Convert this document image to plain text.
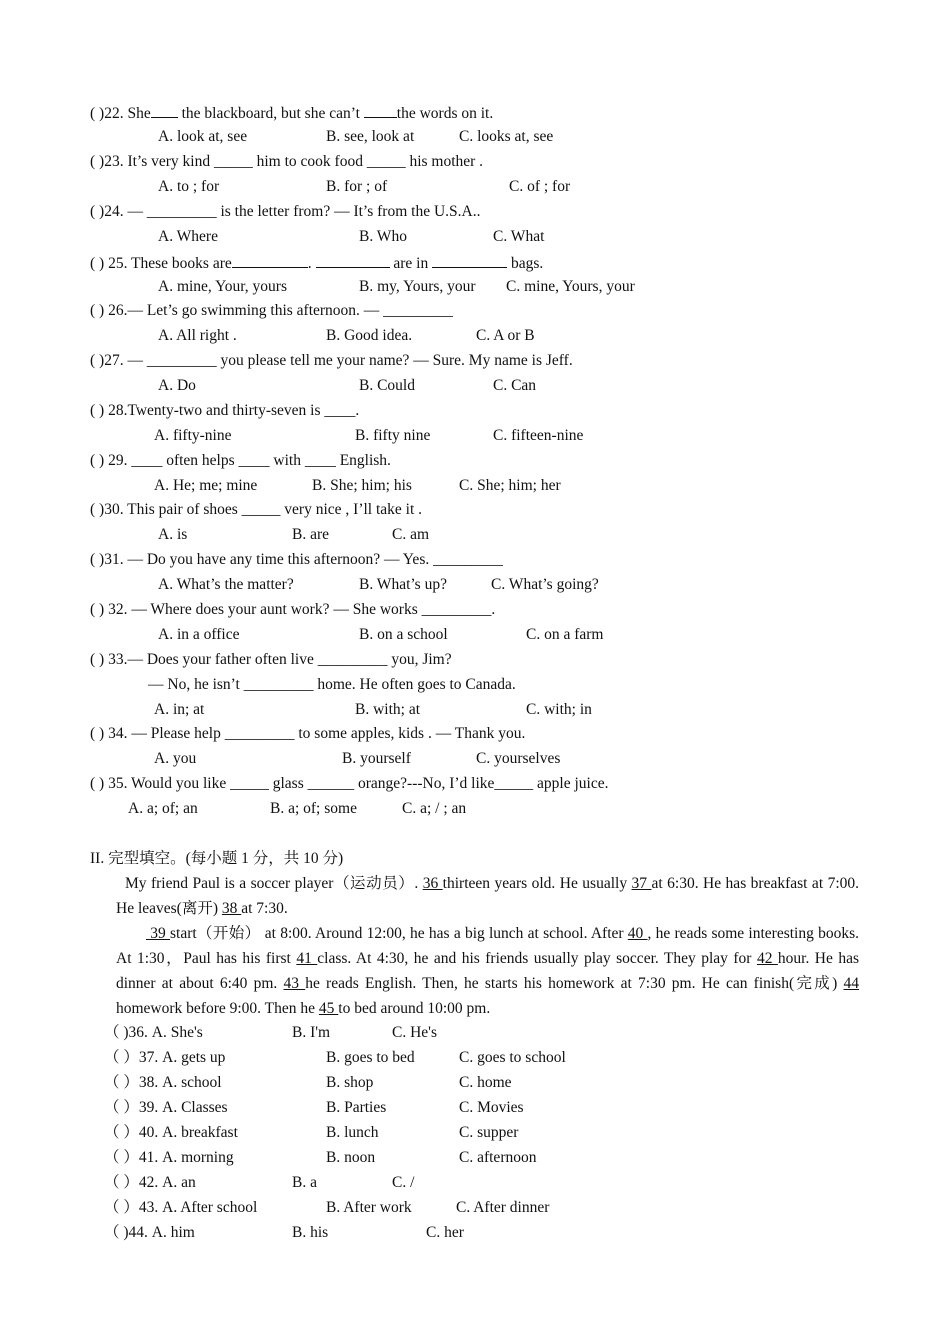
( )22. She the blackboard, but she can’t the words on it.
A. look at, see	B. see, look at	C. looks at, see
( )23. It’s very kind _____ him to cook food _____ his mother .
A. to ; for	B. for ; of	C. of ; for
( )24. — _________ is the letter from? — It’s from the U.S.A..
A. Where	B. Who	C. What
( ) 25. These books are	.	are in	bags.
A. mine, Your, yours	B. my, Yours, your C. mine, Yours, your
( ) 26.— Let’s go swimming this afternoon. — _________
A. All right .	B. Good idea.	C. A or B
( )27. — _________ you please tell me your name? — Sure. My name is Jeff.
A. Do	B. Could	C. Can
( ) 28.Twenty-two and thirty-seven is ____.
A. fifty-nine	B. fifty nine	C. fifteen-nine
( ) 29. ____ often helps ____ with ____ English.
A. He; me; mine	B. She; him; his	C. She; him; her
( )30. This pair of shoes _____ very nice , I’ll take it .
A. is	B. are	C. am
( )31. — Do you have any time this afternoon? — Yes. _________
A. What’s the matter?	B. What’s up?	C. What’s going?
( ) 32. — Where does your aunt work? — She works _________.
A. in a office	B. on a school	C. on a farm
( ) 33.— Does your father often live _________ you, Jim?
— No, he isn’t _________ home. He often goes to Canada.
A. in; at	B. with; at	C. with; in
( ) 34. — Please help _________ to some apples, kids . — Thank you.
A. you	B. yourself	C. yourselves
( ) 35. Would you like _____ glass ______ orange?---No, I’d like_____ apple juice.
A. a; of; an	B. a; of; some	C. a; / ; an
II. 完型填空。(每小题 1 分，共 10 分)
My friend Paul is a soccer player（运动员）. 36 thirteen years old. He usually 37 at 6:30. He has breakfast at 7:00. He leaves(离开) 38 at 7:30.
39 start（开始） at 8:00. Around 12:00, he has a big lunch at school. After 40 , he reads some interesting books. At 1:30，Paul has his first 41 class. At 4:30, he and his friends usually play soccer. They play for 42 hour. He has dinner at about 6:40 pm. 43 he reads English. Then, he starts his homework at 7:30 pm. He can finish(完成) 44 homework before 9:00. Then he 45 to bed around 10:00 pm.
（ )36. A. She's	B. I'm	C. He's
（ ）37. A. gets up	B. goes to bed	C. goes to school
（ ）38. A. school	B. shop	C. home
（ ）39. A. Classes	B. Parties	C. Movies
（ ）40. A. breakfast	B. lunch	C. supper
（ ）41. A. morning	B. noon	C. afternoon
（ ）42. A. an	B. a	C. /
（ ）43. A. After school	B. After work	C. After dinner
（ )44. A. him	B. his	C. her
